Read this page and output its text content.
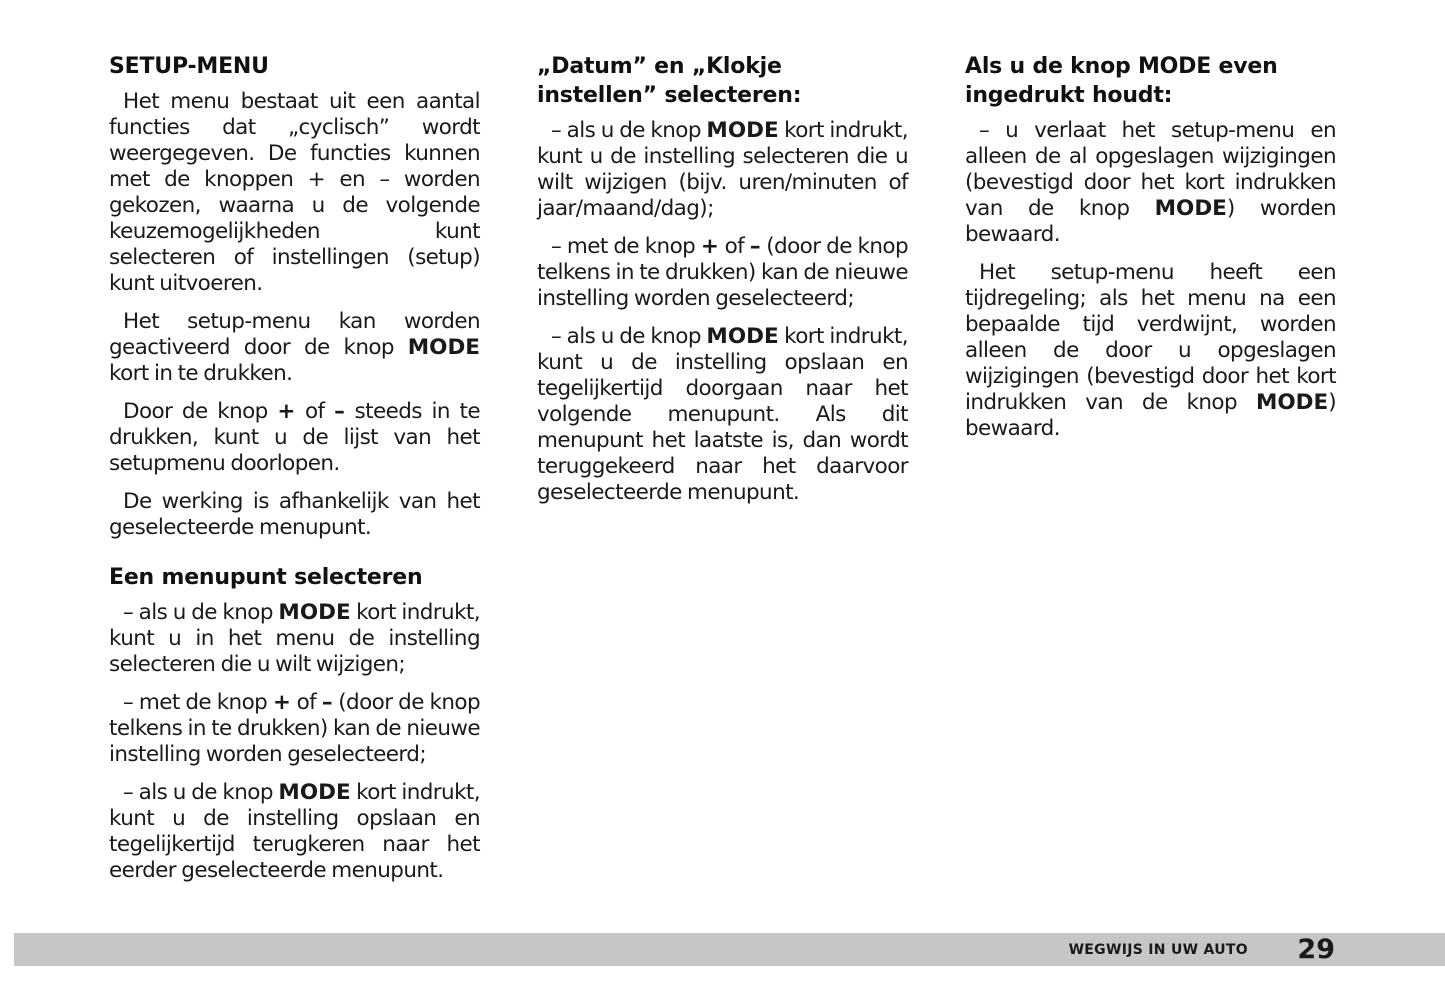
SETUP-MENU

Het menu bestaat uit een aantal functies dat „cyclisch” wordt weergegeven. De functies kunnen met de knoppen + en – worden gekozen, waarna u de volgende keuzemogelijkheden kunt selecteren of instellingen (setup) kunt uitvoeren.

Het setup-menu kan worden geactiveerd door de knop MODE kort in te drukken.

Door de knop + of – steeds in te drukken, kunt u de lijst van het setupmenu doorlopen.

De werking is afhankelijk van het geselecteerde menupunt.

Een menupunt selecteren

– als u de knop MODE kort indrukt, kunt u in het menu de instelling selecteren die u wilt wijzigen;

– met de knop + of – (door de knop telkens in te drukken) kan de nieuwe instelling worden geselecteerd;

– als u de knop MODE kort indrukt, kunt u de instelling opslaan en tegelijkertijd terugkeren naar het eerder geselecteerde menupunt.

„Datum” en „Klokje instellen” selecteren:

– als u de knop MODE kort indrukt, kunt u de instelling selecteren die u wilt wijzigen (bijv. uren/minuten of jaar/maand/dag);

– met de knop + of – (door de knop telkens in te drukken) kan de nieuwe instelling worden geselecteerd;

– als u de knop MODE kort indrukt, kunt u de instelling opslaan en tegelijkertijd doorgaan naar het volgende menupunt. Als dit menupunt het laatste is, dan wordt teruggekeerd naar het daarvoor geselecteerde menupunt.

Als u de knop MODE even ingedrukt houdt:

– u verlaat het setup-menu en alleen de al opgeslagen wijzigingen (bevestigd door het kort indrukken van de knop MODE) worden bewaard.

Het setup-menu heeft een tijdregeling; als het menu na een bepaalde tijd verdwijnt, worden alleen de door u opgeslagen wijzigingen (bevestigd door het kort indrukken van de knop MODE) bewaard.

WEGWIJS IN UW AUTO 29
